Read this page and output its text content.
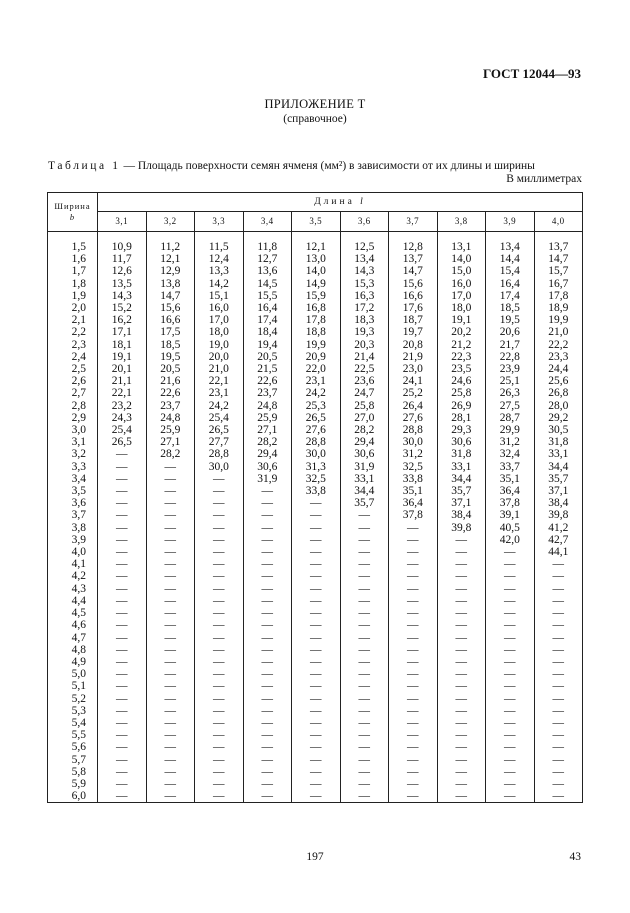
ГОСТ 12044—93
ПРИЛОЖЕНИЕ Т
(справочное)
Таблица 1 — Площадь поверхности семян ячменя (мм²) в зависимости от их длины и ширины
В миллиметрах
Ширина
b	Длина l									
	3,1	3,2	3,3	3,4	3,5	3,6	3,7	3,8	3,9	4,0

1,5	10,9	11,2	11,5	11,8	12,1	12,5	12,8	13,1	13,4	13,7
1,6	11,7	12,1	12,4	12,7	13,0	13,4	13,7	14,0	14,4	14,7
1,7	12,6	12,9	13,3	13,6	14,0	14,3	14,7	15,0	15,4	15,7
1,8	13,5	13,8	14,2	14,5	14,9	15,3	15,6	16,0	16,4	16,7
1,9	14,3	14,7	15,1	15,5	15,9	16,3	16,6	17,0	17,4	17,8
2,0	15,2	15,6	16,0	16,4	16,8	17,2	17,6	18,0	18,5	18,9
2,1	16,2	16,6	17,0	17,4	17,8	18,3	18,7	19,1	19,5	19,9
2,2	17,1	17,5	18,0	18,4	18,8	19,3	19,7	20,2	20,6	21,0
2,3	18,1	18,5	19,0	19,4	19,9	20,3	20,8	21,2	21,7	22,2
2,4	19,1	19,5	20,0	20,5	20,9	21,4	21,9	22,3	22,8	23,3
2,5	20,1	20,5	21,0	21,5	22,0	22,5	23,0	23,5	23,9	24,4
2,6	21,1	21,6	22,1	22,6	23,1	23,6	24,1	24,6	25,1	25,6
2,7	22,1	22,6	23,1	23,7	24,2	24,7	25,2	25,8	26,3	26,8
2,8	23,2	23,7	24,2	24,8	25,3	25,8	26,4	26,9	27,5	28,0
2,9	24,3	24,8	25,4	25,9	26,5	27,0	27,6	28,1	28,7	29,2
3,0	25,4	25,9	26,5	27,1	27,6	28,2	28,8	29,3	29,9	30,5
3,1	26,5	27,1	27,7	28,2	28,8	29,4	30,0	30,6	31,2	31,8
3,2	—	28,2	28,8	29,4	30,0	30,6	31,2	31,8	32,4	33,1
3,3	—	—	30,0	30,6	31,3	31,9	32,5	33,1	33,7	34,4
3,4	—	—	—	31,9	32,5	33,1	33,8	34,4	35,1	35,7
3,5	—	—	—	—	33,8	34,4	35,1	35,7	36,4	37,1
3,6	—	—	—	—	—	35,7	36,4	37,1	37,8	38,4
3,7	—	—	—	—	—	—	37,8	38,4	39,1	39,8
3,8	—	—	—	—	—	—	—	39,8	40,5	41,2
3,9	—	—	—	—	—	—	—	—	42,0	42,7
4,0	—	—	—	—	—	—	—	—	—	44,1
4,1	—	—	—	—	—	—	—	—	—	—
4,2	—	—	—	—	—	—	—	—	—	—
4,3	—	—	—	—	—	—	—	—	—	—
4,4	—	—	—	—	—	—	—	—	—	—
4,5	—	—	—	—	—	—	—	—	—	—
4,6	—	—	—	—	—	—	—	—	—	—
4,7	—	—	—	—	—	—	—	—	—	—
4,8	—	—	—	—	—	—	—	—	—	—
4,9	—	—	—	—	—	—	—	—	—	—
5,0	—	—	—	—	—	—	—	—	—	—
5,1	—	—	—	—	—	—	—	—	—	—
5,2	—	—	—	—	—	—	—	—	—	—
5,3	—	—	—	—	—	—	—	—	—	—
5,4	—	—	—	—	—	—	—	—	—	—
5,5	—	—	—	—	—	—	—	—	—	—
5,6	—	—	—	—	—	—	—	—	—	—
5,7	—	—	—	—	—	—	—	—	—	—
5,8	—	—	—	—	—	—	—	—	—	—
5,9	—	—	—	—	—	—	—	—	—	—
6,0	—	—	—	—	—	—	—	—	—	—
197	43
